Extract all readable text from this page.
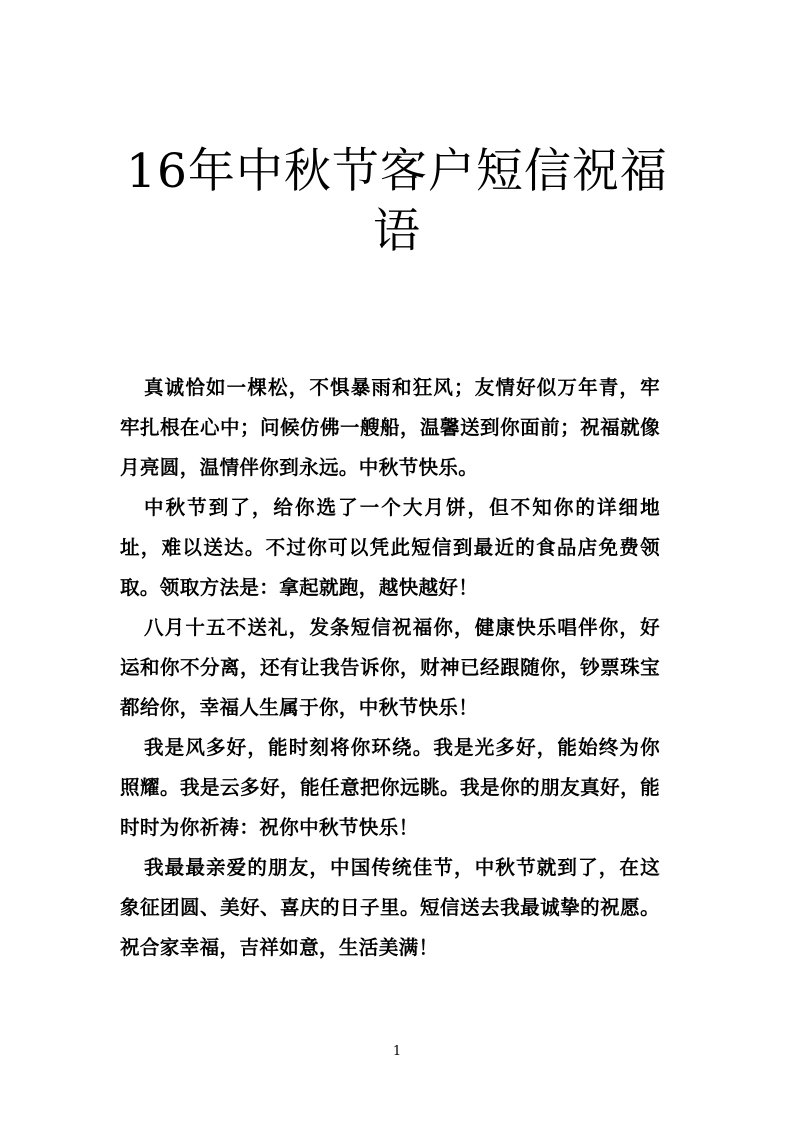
16年中秋节客户短信祝福语

真诚恰如一棵松，不惧暴雨和狂风；友情好似万年青，牢牢扎根在心中；问候仿佛一艘船，温馨送到你面前；祝福就像月亮圆，温情伴你到永远。中秋节快乐。

中秋节到了，给你选了一个大月饼，但不知你的详细地址，难以送达。不过你可以凭此短信到最近的食品店免费领取。领取方法是：拿起就跑，越快越好！

八月十五不送礼，发条短信祝福你，健康快乐唱伴你，好运和你不分离，还有让我告诉你，财神已经跟随你，钞票珠宝都给你，幸福人生属于你，中秋节快乐！

我是风多好，能时刻将你环绕。我是光多好，能始终为你照耀。我是云多好，能任意把你远眺。我是你的朋友真好，能时时为你祈祷：祝你中秋节快乐！

我最最亲爱的朋友，中国传统佳节，中秋节就到了，在这象征团圆、美好、喜庆的日子里。短信送去我最诚挚的祝愿。祝合家幸福，吉祥如意，生活美满！

1
